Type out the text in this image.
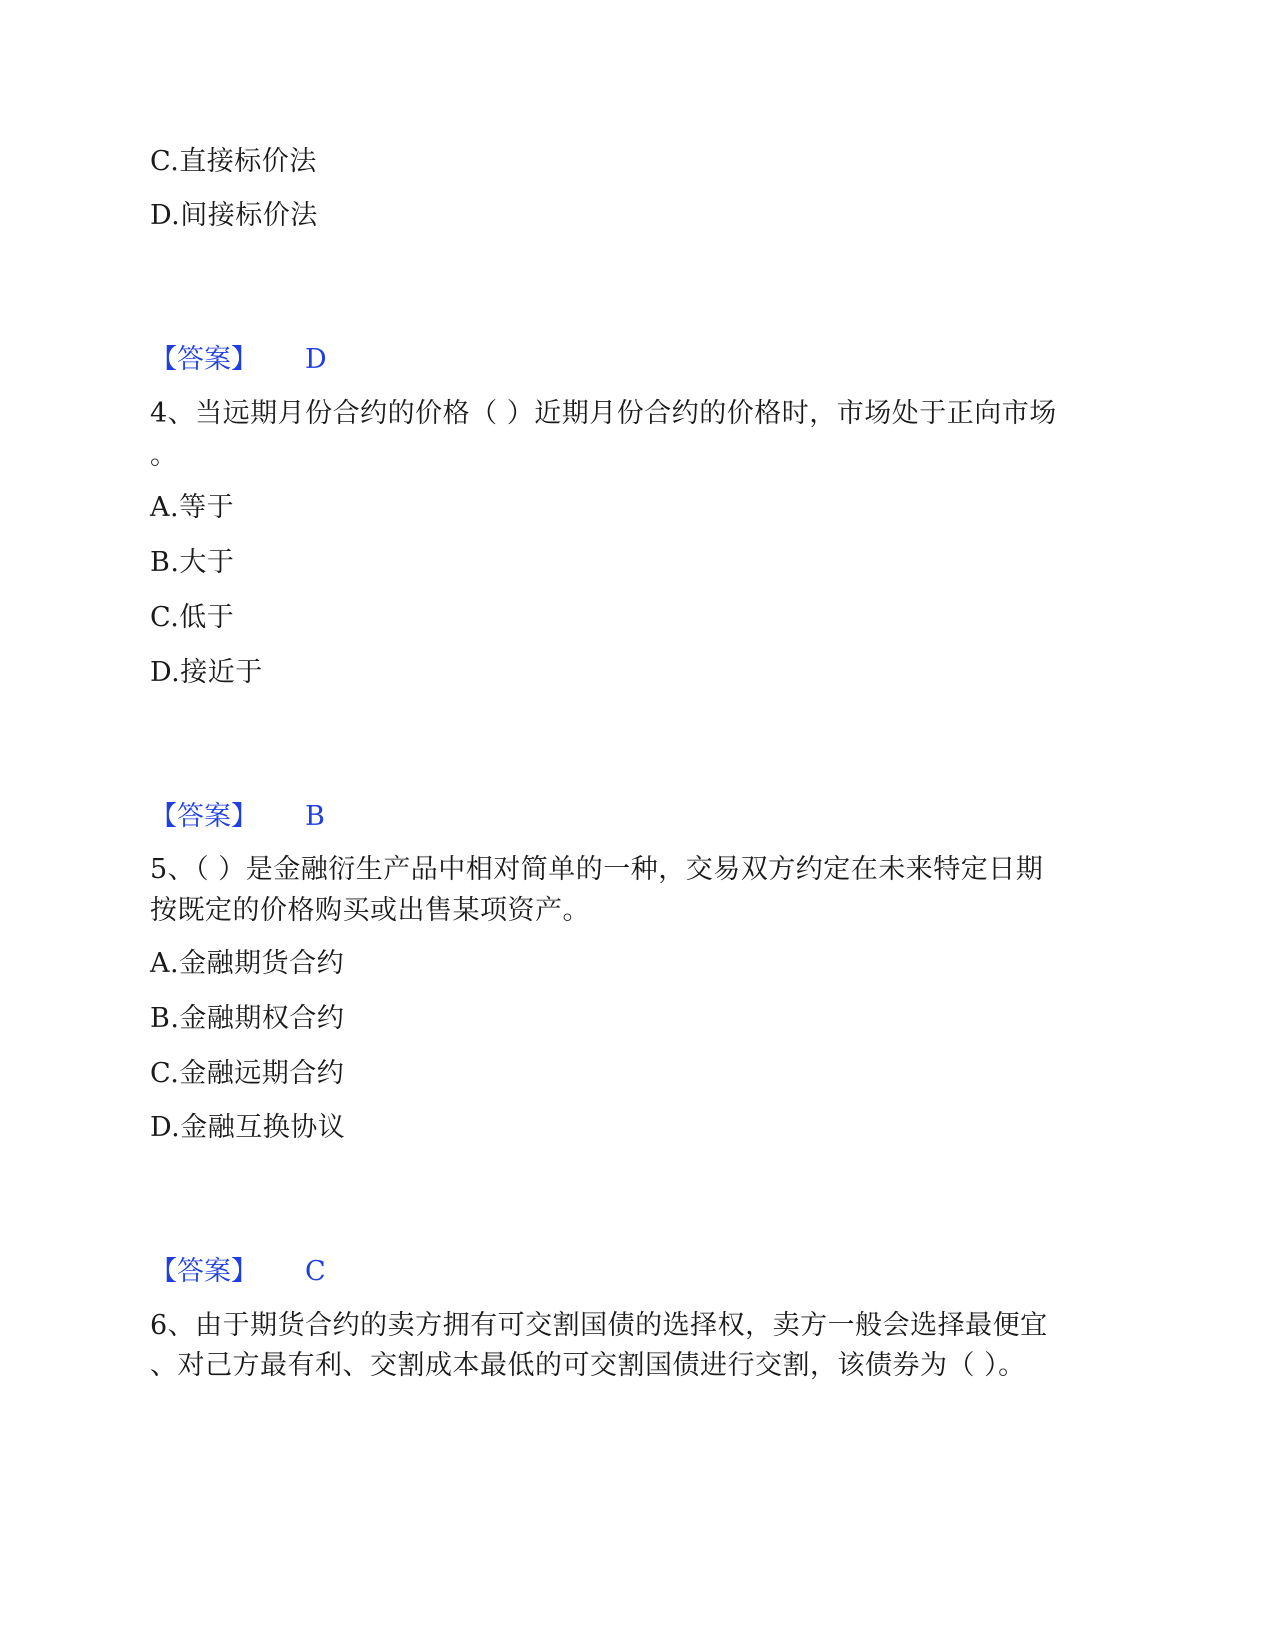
C.直接标价法
D.间接标价法
【答案】 D
4、当远期月份合约的价格（ ）近期月份合约的价格时，市场处于正向市场
。
A.等于
B.大于
C.低于
D.接近于
【答案】 B
5、（ ）是金融衍生产品中相对简单的一种，交易双方约定在未来特定日期
按既定的价格购买或出售某项资产。
A.金融期货合约
B.金融期权合约
C.金融远期合约
D.金融互换协议
【答案】 C
6、由于期货合约的卖方拥有可交割国债的选择权，卖方一般会选择最便宜
、对己方最有利、交割成本最低的可交割国债进行交割，该债券为（ ）。
